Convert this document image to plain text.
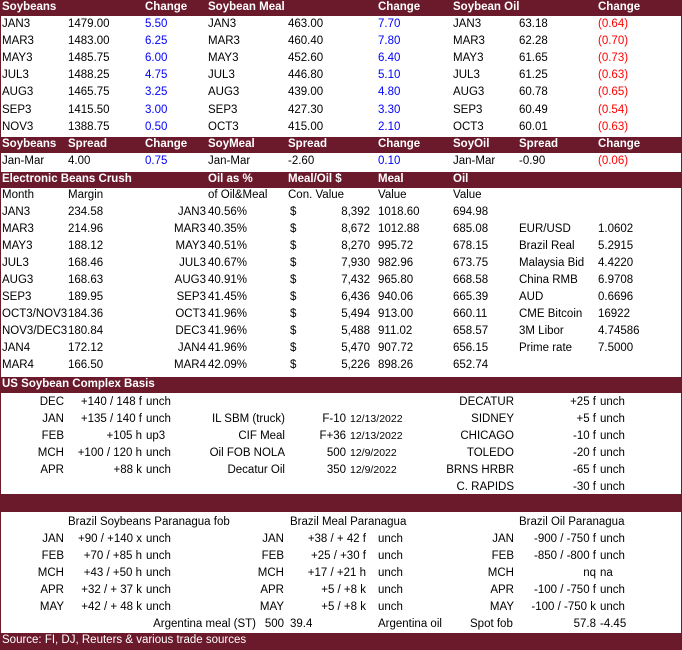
Soybeans	Change Soybean Meal	Change	Soybean Oil	Change
JAN3	1479.00	5.50	JAN3	463.00	7.70	JAN3	63.18	(0.64)
MAR3	1483.00	6.25	MAR3	460.40	7.80	MAR3	62.28	(0.70)
MAY3	1485.75	6.00	MAY3	452.60	6.40	MAY3	61.65	(0.73)
JUL3	1488.25	4.75	JUL3	446.80	5.10	JUL3	61.25	(0.63)
AUG3	1465.75	3.25	AUG3	439.00	4.80	AUG3	60.78	(0.65)
SEP3	1415.50	3.00	SEP3	427.30	3.30	SEP3	60.49	(0.54)
NOV3	1388.75	0.50	OCT3	415.00	2.10	OCT3	60.01	(0.63)
Soybeans Spread	Change SoyMeal	Spread	Change	SoyOil	Spread	Change
Jan-Mar 4.00	0.75	Jan-Mar	-2.60	0.10	Jan-Mar -0.90	(0.06)
Electronic Beans Crush	Oil as %	Meal/Oil $	Meal	Oil
Month	Margin	of Oil&Meal Con. Value	Value	Value
JAN3	234.58	JAN3 40.56%	$	8,392 1018.60	694.98
MAR3	214.96	MAR3 40.35%	$	8,672 1012.88	685.08	EUR/USD 1.0602
MAY3	188.12	MAY3 40.51%	$	8,270 995.72	678.15	Brazil Real 5.2915
JUL3	168.46	JUL3 40.67%	$	7,930 982.96	673.75	Malaysia Bid 4.4220
AUG3	168.63	AUG3 40.91%	$	7,432 965.80	668.58	China RMB 6.9708
SEP3	189.95	SEP3 41.45%	$	6,436 940.06	665.39	AUD	0.6696
OCT3/NOV3 184.36	OCT3 41.96%	$	5,494 913.00	660.11	CME Bitcoin 16922
NOV3/DEC3 180.84	DEC3 41.96%	$	5,488 911.02	658.57	3M Libor	4.74586
JAN4	172.12	JAN4 41.96%	$	5,470 907.72	656.15	Prime rate 7.5000
MAR4	166.50	MAR4 42.09%	$	5,226 898.26	652.74
US Soybean Complex Basis
DEC +140 / 148 f unch	DECATUR	+25 f unch
JAN +135 / 140 f unch	IL SBM (truck)	F-10 12/13/2022	SIDNEY	+5 f unch
FEB	+105 h up3	CIF Meal	F+36 12/13/2022	CHICAGO	-10 f unch
MCH +100 / 120 h unch	Oil FOB NOLA	500 12/9/2022	TOLEDO	-20 f unch
APR	+88 k unch	Decatur Oil	350 12/9/2022	BRNS HRBR	-65 f unch
C. RAPIDS	-30 f unch
Brazil Soybeans Paranagua fob	Brazil Meal Paranagua	Brazil Oil Paranagua
JAN +90 / +140 x unch	JAN +38 / + 42 f unch	JAN -900 / -750 f unch
FEB +70 / +85 h unch	FEB +25 / +30 f unch	FEB -850 / -800 f unch
MCH +43 / +50 h unch	MCH +17 / +21 h unch	MCH	nq na
APR +32 / + 37 k unch	APR	+5 / +8 k unch	APR -100 / -750 f unch
MAY +42 / + 48 k unch	MAY	+5 / +8 k unch	MAY -100 / -750 k unch
Argentina meal (ST) 500 39.4	Argentina oil Spot fob	57.8 -4.45
Source: FI, DJ, Reuters & various trade sources
